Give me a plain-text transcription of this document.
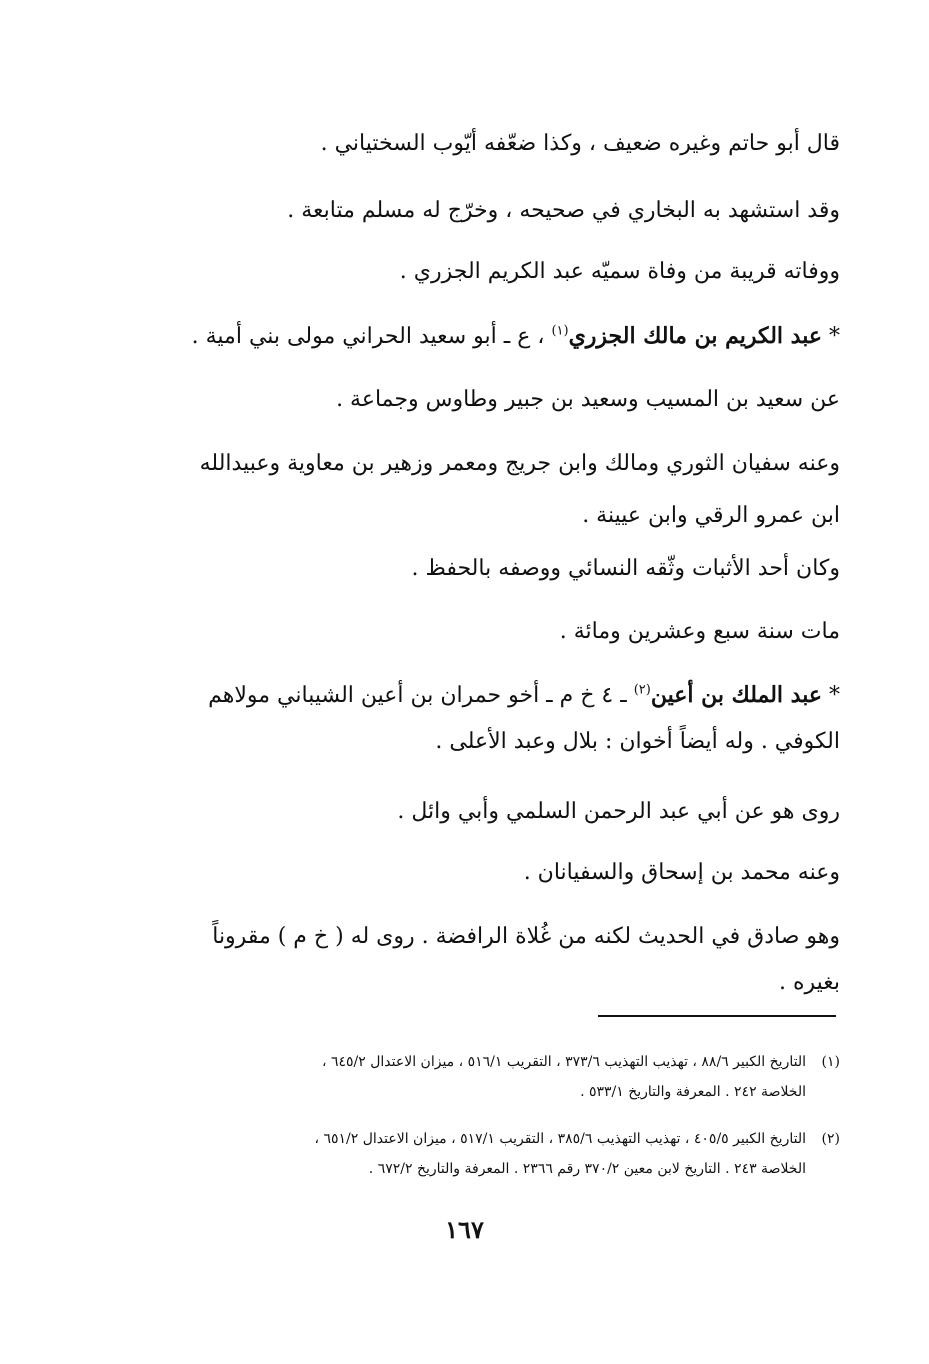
قال أبو حاتم وغيره ضعيف ، وكذا ضعّفه أيّوب السختياني .
وقد استشهد به البخاري في صحيحه ، وخرّج له مسلم متابعة .
ووفاته قريبة من وفاة سميّه عبد الكريم الجزري .
* عبد الكريم بن مالك الجزري$^{(١)}$ ، ع ـ أبو سعيد الحراني مولى بني أمية .
عن سعيد بن المسيب وسعيد بن جبير وطاوس وجماعة .
وعنه سفيان الثوري ومالك وابن جريج ومعمر وزهير بن معاوية وعبيدالله
ابن عمرو الرقي وابن عيينة .
وكان أحد الأثبات وثّقه النسائي ووصفه بالحفظ .
مات سنة سبع وعشرين ومائة .
* عبد الملك بن أعين$^{(٢)}$ ـ ٤ خ م ـ أخو حمران بن أعين الشيباني مولاهم
الكوفي . وله أيضاً أخوان : بلال وعبد الأعلى .
روى هو عن أبي عبد الرحمن السلمي وأبي وائل .
وعنه محمد بن إسحاق والسفيانان .
وهو صادق في الحديث لكنه من غُلاة الرافضة . روى له ( خ م ) مقروناً
بغيره .
(١)التاريخ الكبير ٨٨/٦ ، تهذيب التهذيب ٣٧٣/٦ ، التقريب ٥١٦/١ ، ميزان الاعتدال ٦٤٥/٢ ،
الخلاصة ٢٤٢ . المعرفة والتاريخ ٥٣٣/١ .
(٢)التاريخ الكبير ٤٠٥/٥ ، تهذيب التهذيب ٣٨٥/٦ ، التقريب ٥١٧/١ ، ميزان الاعتدال ٦٥١/٢ ،
الخلاصة ٢٤٣ . التاريخ لابن معين ٣٧٠/٢ رقم ٢٣٦٦ . المعرفة والتاريخ ٦٧٢/٢ .
١٦٧
